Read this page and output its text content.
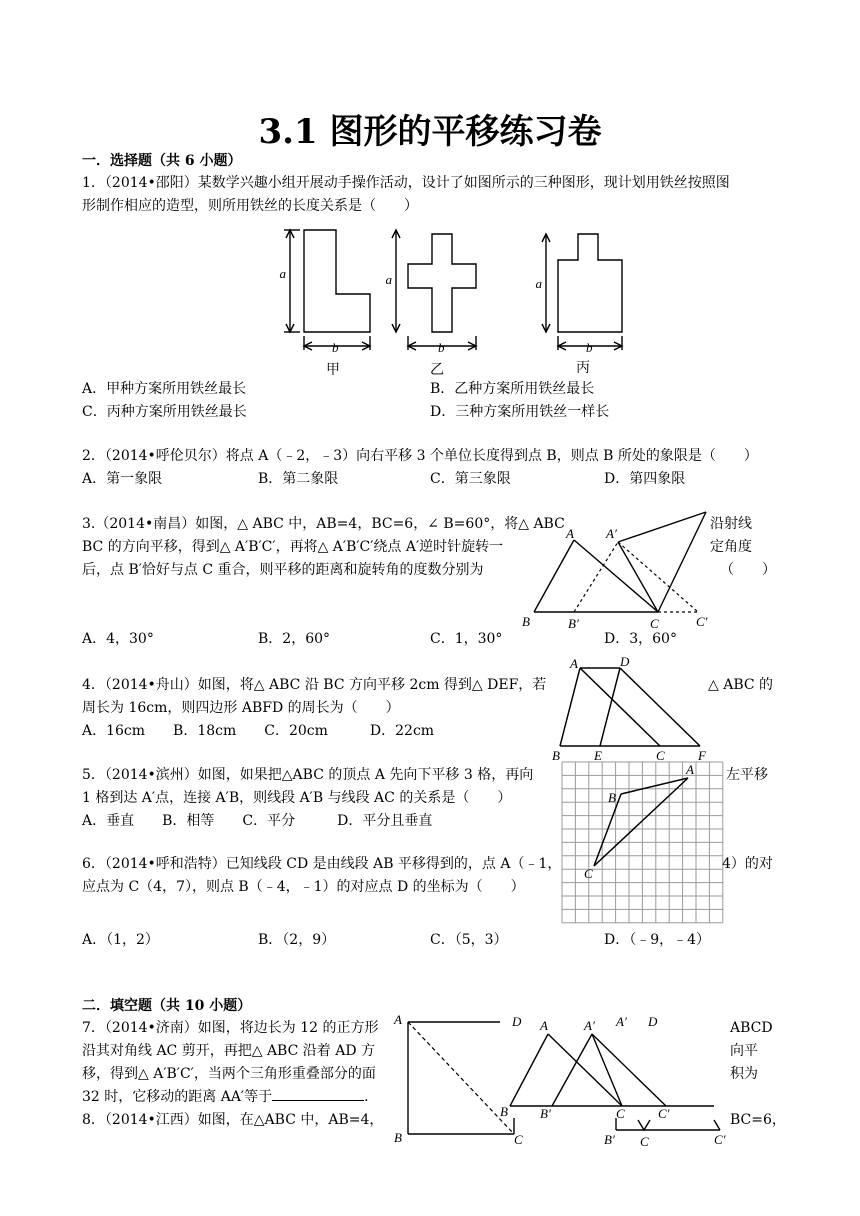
3.1 图形的平移练习卷
一．选择题（共 6 小题）
1．（2014•邵阳）某数学兴趣小组开展动手操作活动，设计了如图所示的三种图形，现计划用铁丝按照图
形制作相应的造型，则所用铁丝的长度关系是（　　）
a
b
a
b
a
b
甲	乙	丙
A．甲种方案所用铁丝最长	B．乙种方案所用铁丝最长
C．丙种方案所用铁丝最长	D．三种方案所用铁丝一样长
2．（2014•呼伦贝尔）将点 A（﹣2，﹣3）向右平移 3 个单位长度得到点 B，则点 B 所处的象限是（　　）
A．第一象限	B．第二象限	C．第三象限	D．第四象限
3.（2014•南昌）如图，△ ABC 中，AB=4，BC=6，∠ B=60°，将△ ABC	沿射线
BC 的方向平移，得到△ A′B′C′，再将△ A′B′C′绕点 A′逆时针旋转一	定角度
后，点 B′恰好与点 C 重合，则平移的距离和旋转角的度数分别为	（　　）
A A′
B	B′	C	C′
A．4，30°	B．2，60°	C．1，30°	D．3，60°
4．（2014•舟山）如图，将△ ABC 沿 BC 方向平移 2cm 得到△ DEF，若	△ ABC 的
周长为 16cm，则四边形 ABFD 的周长为（　　）
A．16cm　　B．18cm　　C．20cm　　　D．22cm
A	D
B	E	C	F
5．（2014•滨州）如图，如果把△ABC 的顶点 A 先向下平移 3 格，再向	左平移
1 格到达 A′点，连接 A′B，则线段 A′B 与线段 AC 的关系是（　　）
A．垂直　　B．相等　　C．平分　　　D．平分且垂直
A
B
C
6．（2014•呼和浩特）已知线段 CD 是由线段 AB 平移得到的，点 A（﹣1，	4）的对
应点为 C（4，7），则点 B（﹣4，﹣1）的对应点 D 的坐标为（　　）
A．（1，2）	B．（2，9）	C．（5，3）	D．（﹣9，﹣4）
二．填空题（共 10 小题）
7．（2014•济南）如图，将边长为 12 的正方形	ABCD
沿其对角线 AC 剪开，再把△ ABC 沿着 AD 方	向平
移，得到△ A′B′C′，当两个三角形重叠部分的面	积为
32 时，它移动的距离 AA′等于	．
A
B	C
D A	A′ A′ D
B B′	C	C′
B′ C	C′
8．（2014•江西）如图，在△ABC 中，AB=4，	BC=6，
